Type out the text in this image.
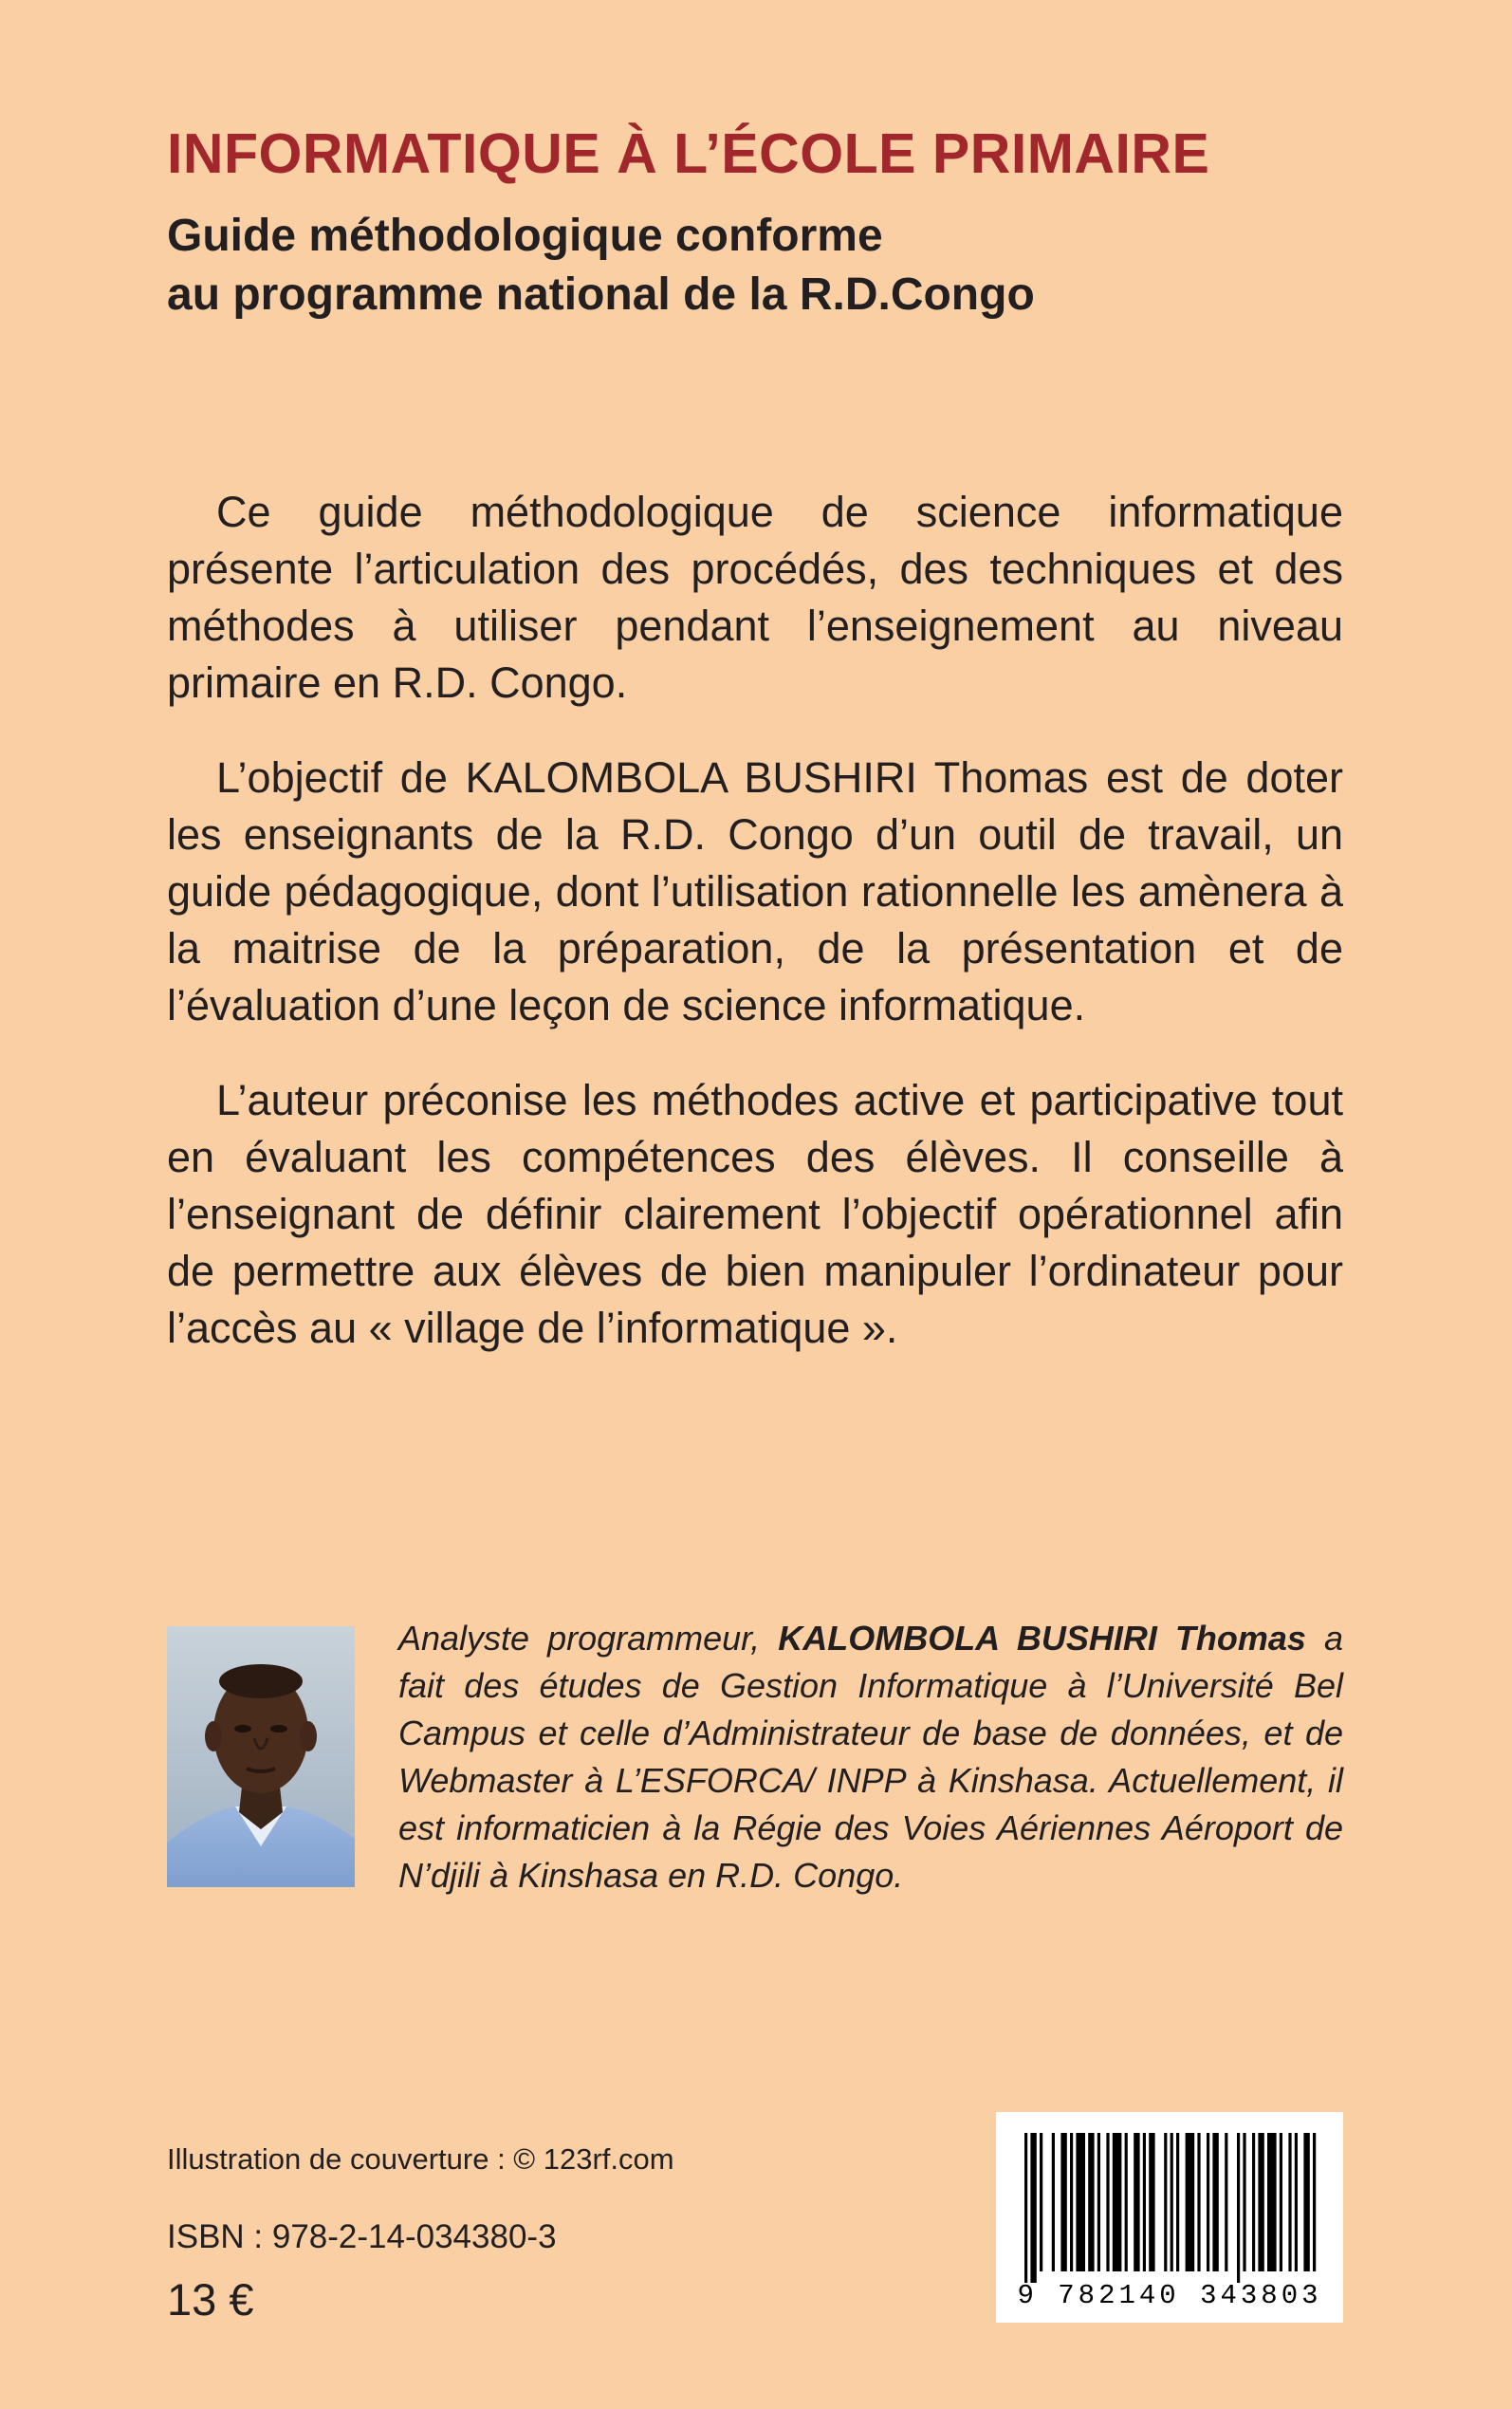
INFORMATIQUE À L’ÉCOLE PRIMAIRE
Guide méthodologique conforme
au programme national de la R.D.Congo

Ce guide méthodologique de science informatique présente l’articulation des procédés, des techniques et des méthodes à utiliser pendant l’enseignement au niveau primaire en R.D. Congo.

L’objectif de KALOMBOLA BUSHIRI Thomas est de doter les enseignants de la R.D. Congo d’un outil de travail, un guide pédagogique, dont l’utilisation rationnelle les amènera à la maitrise de la préparation, de la présentation et de l’évaluation d’une leçon de science informatique.

L’auteur préconise les méthodes active et participative tout en évaluant les compétences des élèves. Il conseille à l’enseignant de définir clairement l’objectif opérationnel afin de permettre aux élèves de bien manipuler l’ordinateur pour l’accès au « village de l’informatique ».

Analyste programmeur, KALOMBOLA BUSHIRI Thomas a fait des études de Gestion Informatique à l’Université Bel Campus et celle d’Administrateur de base de données, et de Webmaster à L’ESFORCA/ INPP à Kinshasa. Actuellement, il est informaticien à la Régie des Voies Aériennes Aéroport de N’djili à Kinshasa en R.D. Congo.

Illustration de couverture : © 123rf.com

ISBN : 978-2-14-034380-3

13 €	9 782140 343803
